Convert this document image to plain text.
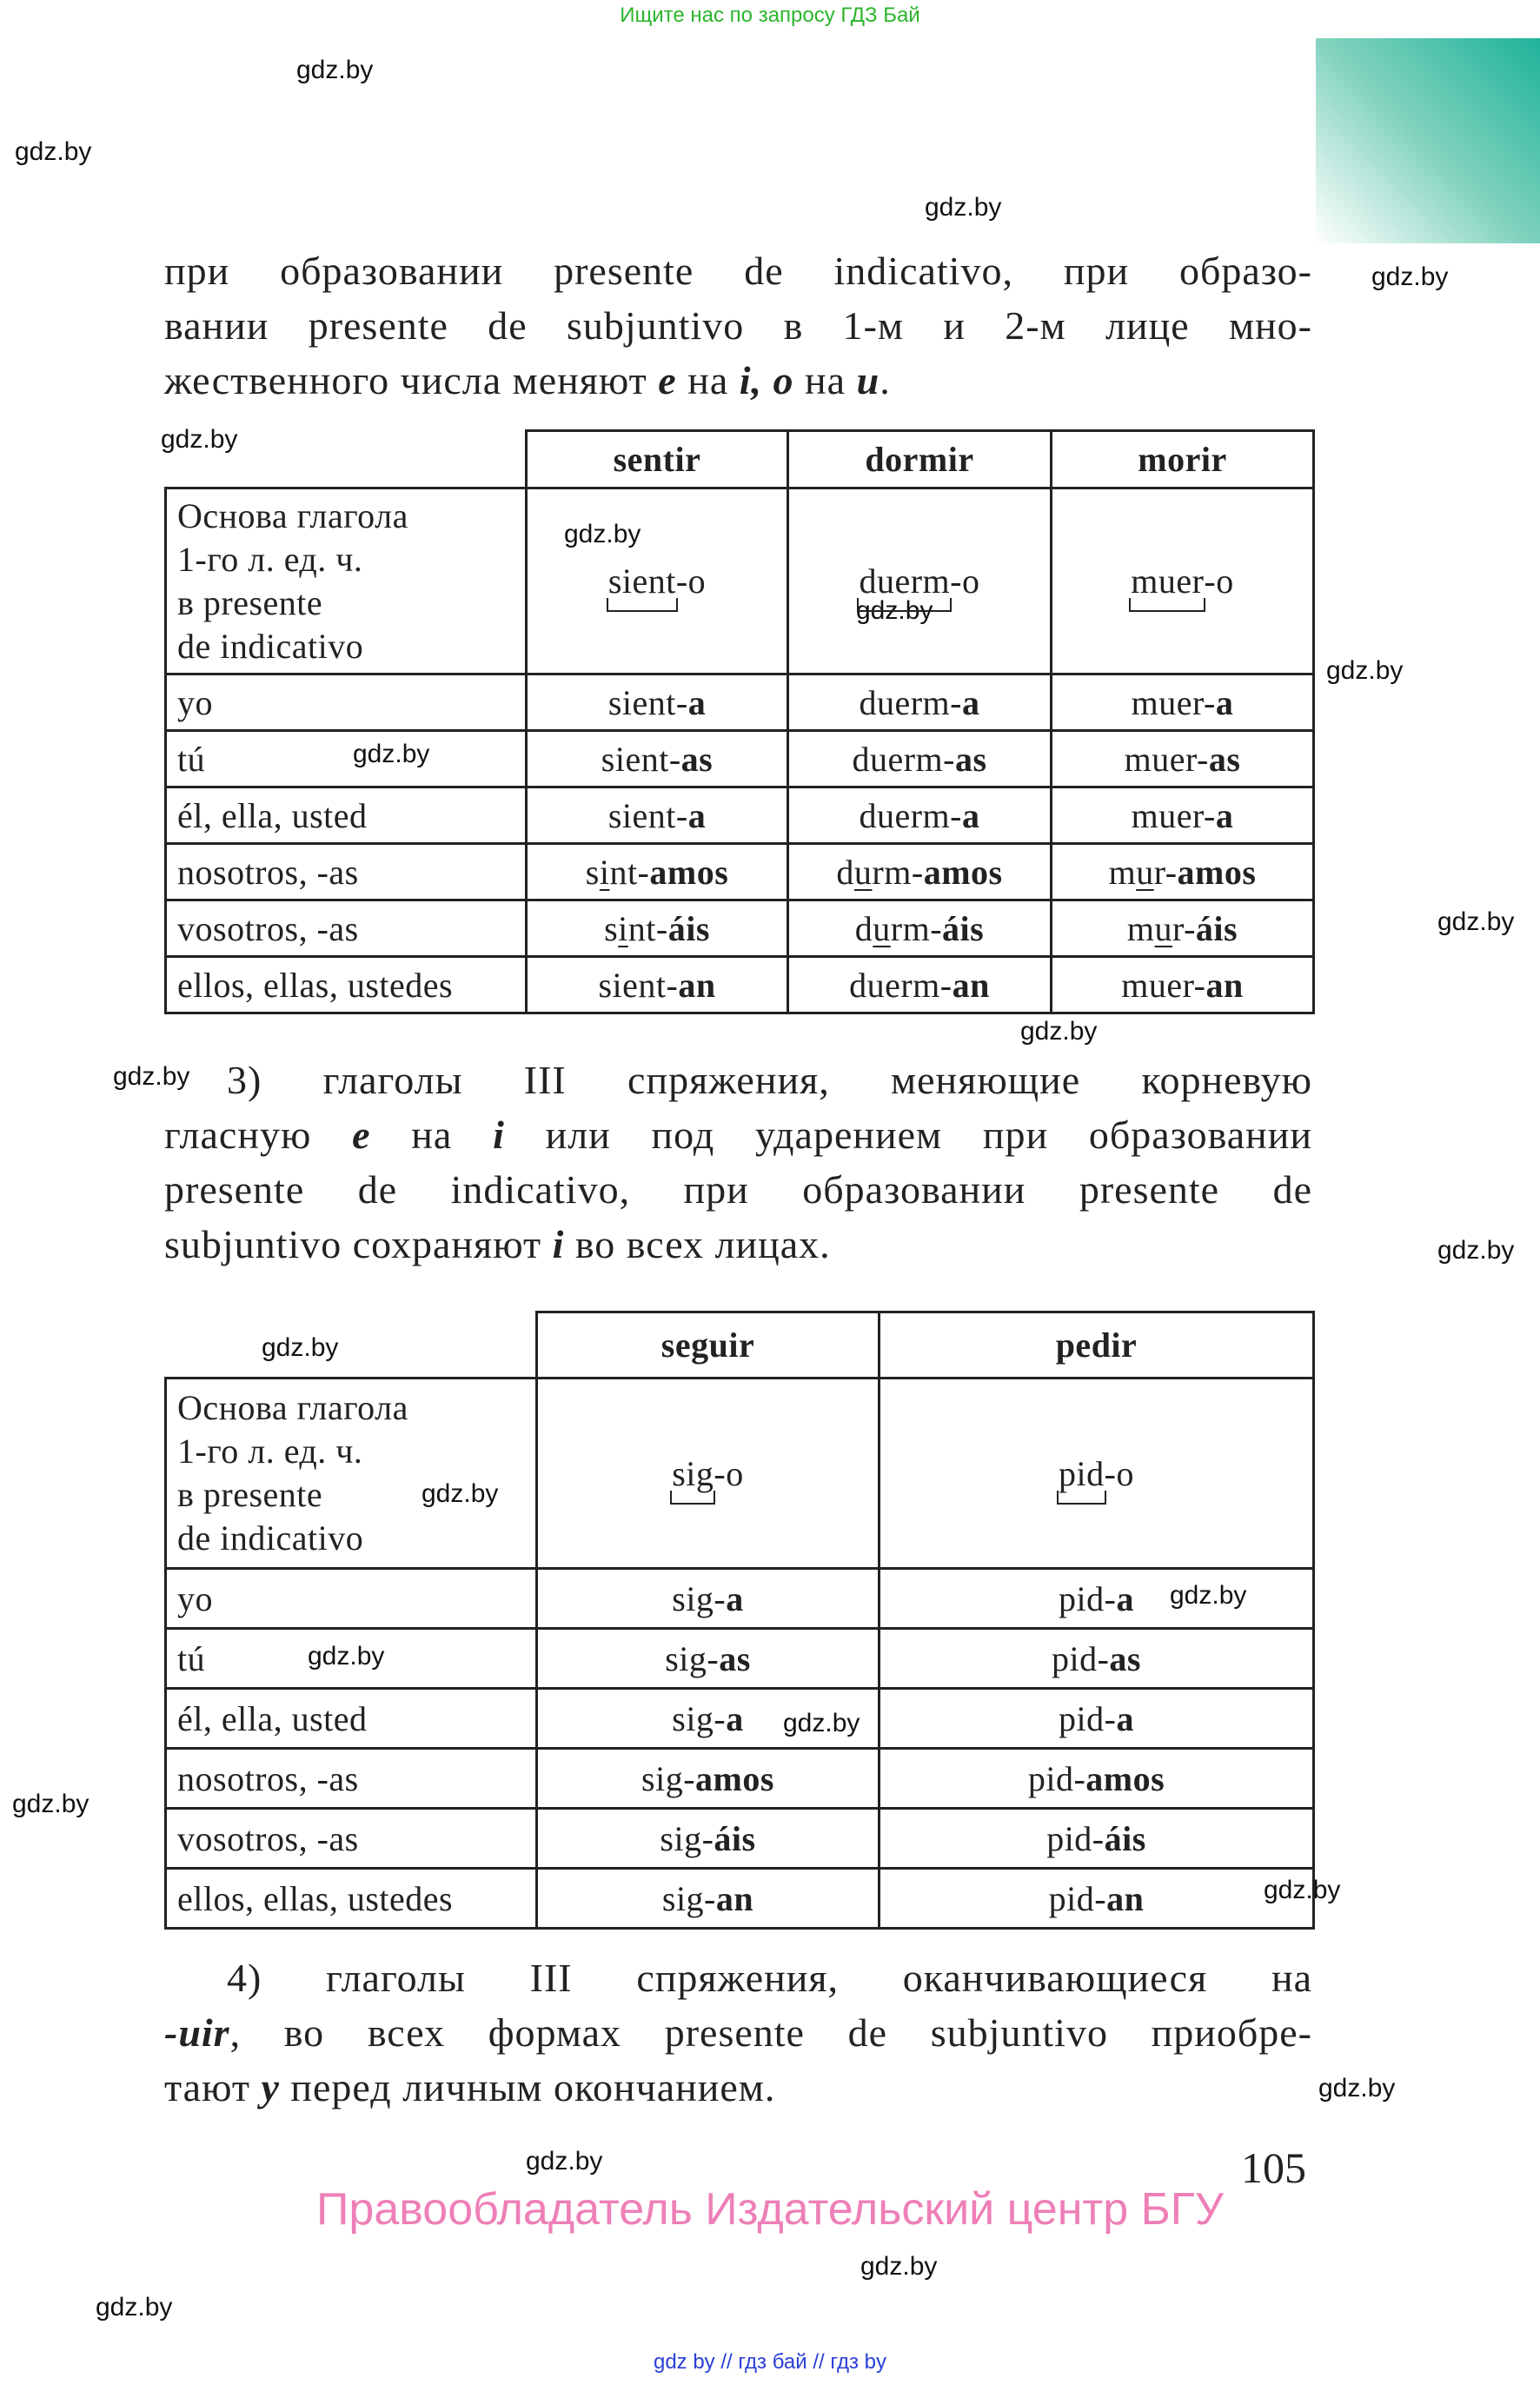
Ищите нас по запросу ГДЗ Бай
gdz.by
gdz.by
gdz.by
gdz.by
gdz.by
gdz.by
gdz.by
gdz.by
gdz.by
gdz.by
gdz.by
gdz.by
gdz.by
gdz.by
gdz.by
gdz.by
gdz.by
gdz.by
gdz.by
gdz.by
gdz.by
gdz.by
gdz.by
gdz.by
при образовании presente de indicativo, при образо-
вании presente de subjuntivo в 1-м и 2-м лице мно-
жественного числа меняют e на i, o на u.
	sentir	dormir	morir

Основа глагола
1-го л. ед. ч.
в presente
de indicativo	sient-o	duerm-o	muer-o
yo	sient-a	duerm-a	muer-a
tú	sient-as	duerm-as	muer-as
él, ella, usted	sient-a	duerm-a	muer-a
nosotros, -as	sint-amos	durm-amos	mur-amos
vosotros, -as	sint-áis	durm-áis	mur-áis
ellos, ellas, ustedes	sient-an	duerm-an	muer-an
3) глаголы III спряжения, меняющие корневую
гласную e на i или под ударением при образовании
presente de indicativo, при образовании presente de
subjuntivo сохраняют i во всех лицах.
	seguir	pedir

Основа глагола
1-го л. ед. ч.
в presente
de indicativo	sig-o	pid-o
yo	sig-a	pid-a
tú	sig-as	pid-as
él, ella, usted	sig-a	pid-a
nosotros, -as	sig-amos	pid-amos
vosotros, -as	sig-áis	pid-áis
ellos, ellas, ustedes	sig-an	pid-an
4) глаголы III спряжения, оканчивающиеся на
-uir, во всех формах presente de subjuntivo приобре-
тают y перед личным окончанием.
105
Правообладатель Издательский центр БГУ
gdz by // гдз бай // гдз by
